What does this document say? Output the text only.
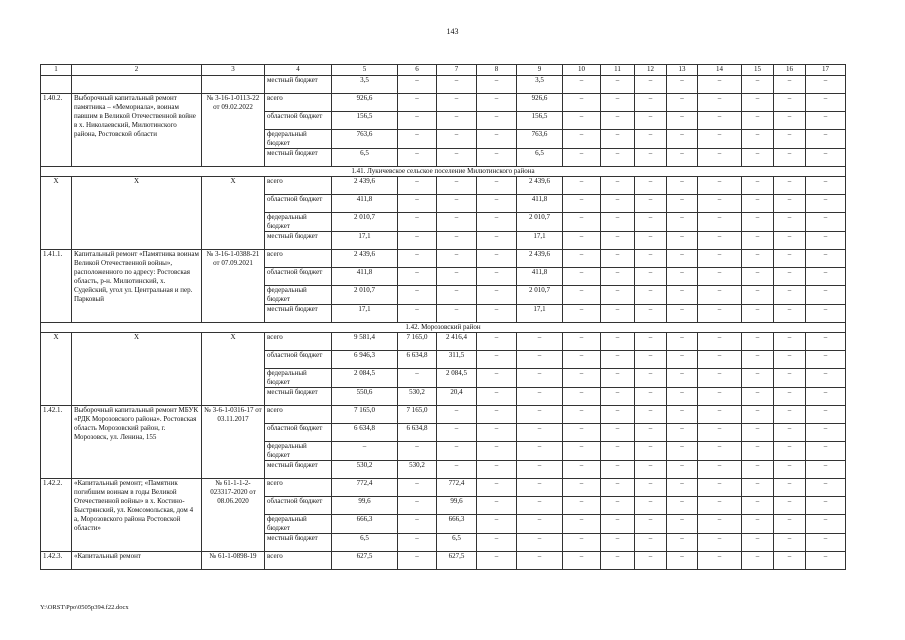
143
1	2	3	4	5	6	7	8	9	10	11	12	13	14	15	16	17
			местный бюджет	3,5	–	–	–	3,5	–	–	–	–	–	–	–	–
1.40.2.	Выборочный капитальный ремонт памятника – «Мемориала», воинам павшим в Великой Отечественной войне в х. Николаевский, Милютинского района, Ростовской области	№ 3-16-1-0113-22 от 09.02.2022	всего	926,6	–	–	–	926,6	–	–	–	–	–	–	–	–
			областной бюджет	156,5	–	–	–	156,5	–	–	–	–	–	–	–	–
			федеральный бюджет	763,6	–	–	–	763,6	–	–	–	–	–	–	–	–
			местный бюджет	6,5	–	–	–	6,5	–	–	–	–	–	–	–	–
1.41. Лукичевское сельское поселение Милютинского района																
Х	Х	Х	всего	2 439,6	–	–	–	2 439,6	–	–	–	–	–	–	–	–
			областной бюджет	411,8	–	–	–	411,8	–	–	–	–	–	–	–	–
			федеральный бюджет	2 010,7	–	–	–	2 010,7	–	–	–	–	–	–	–	–
			местный бюджет	17,1	–	–	–	17,1	–	–	–	–	–	–	–	–
1.41.1.	Капитальный ремонт «Памятника воинам Великой Отечественной войны», расположенного по адресу: Ростовская область, р-н. Милютинский, х. Судейский, угол ул. Центральная и пер. Парковый	№ 3-16-1-0388-21 от 07.09.2021	всего	2 439,6	–	–	–	2 439,6	–	–	–	–	–	–	–	–
			областной бюджет	411,8	–	–	–	411,8	–	–	–	–	–	–	–	–
			федеральный бюджет	2 010,7	–	–	–	2 010,7	–	–	–	–	–	–	–	–
			местный бюджет	17,1	–	–	–	17,1	–	–	–	–	–	–	–	–
1.42. Морозовский район																
Х	Х	Х	всего	9 581,4	7 165,0	2 416,4	–	–	–	–	–	–	–	–	–	–
			областной бюджет	6 946,3	6 634,8	311,5	–	–	–	–	–	–	–	–	–	–
			федеральный бюджет	2 084,5	–	2 084,5	–	–	–	–	–	–	–	–	–	–
			местный бюджет	550,6	530,2	20,4	–	–	–	–	–	–	–	–	–	–
1.42.1.	Выборочный капитальный ремонт МБУК «РДК Морозовского района». Ростовская область Морозовский район, г. Морозовск, ул. Ленина, 155	№ 3-6-1-0316-17 от 03.11.2017	всего	7 165,0	7 165,0	–	–	–	–	–	–	–	–	–	–	–
			областной бюджет	6 634,8	6 634,8	–	–	–	–	–	–	–	–	–	–	–
			федеральный бюджет	–	–	–	–	–	–	–	–	–	–	–	–	–
			местный бюджет	530,2	530,2	–	–	–	–	–	–	–	–	–	–	–
1.42.2.	«Капитальный ремонт; «Памятник погибшим воинам в годы Великой Отечественной войны» в х. Костино-Быстрянский, ул. Комсомольская, дом 4 а, Морозовского района Ростовской области»	№ 61-1-1-2-023317-2020 от 08.06.2020	всего	772,4	–	772,4	–	–	–	–	–	–	–	–	–	–
			областной бюджет	99,6	–	99,6	–	–	–	–	–	–	–	–	–	–
			федеральный бюджет	666,3	–	666,3	–	–	–	–	–	–	–	–	–	–
			местный бюджет	6,5	–	6,5	–	–	–	–	–	–	–	–	–	–
1.42.3.	«Капитальный ремонт	№ 61-1-0898-19	всего	627,5	–	627,5	–	–	–	–	–	–	–	–	–	–
Y:\ORST\Ppo\0505p394.f22.docx
